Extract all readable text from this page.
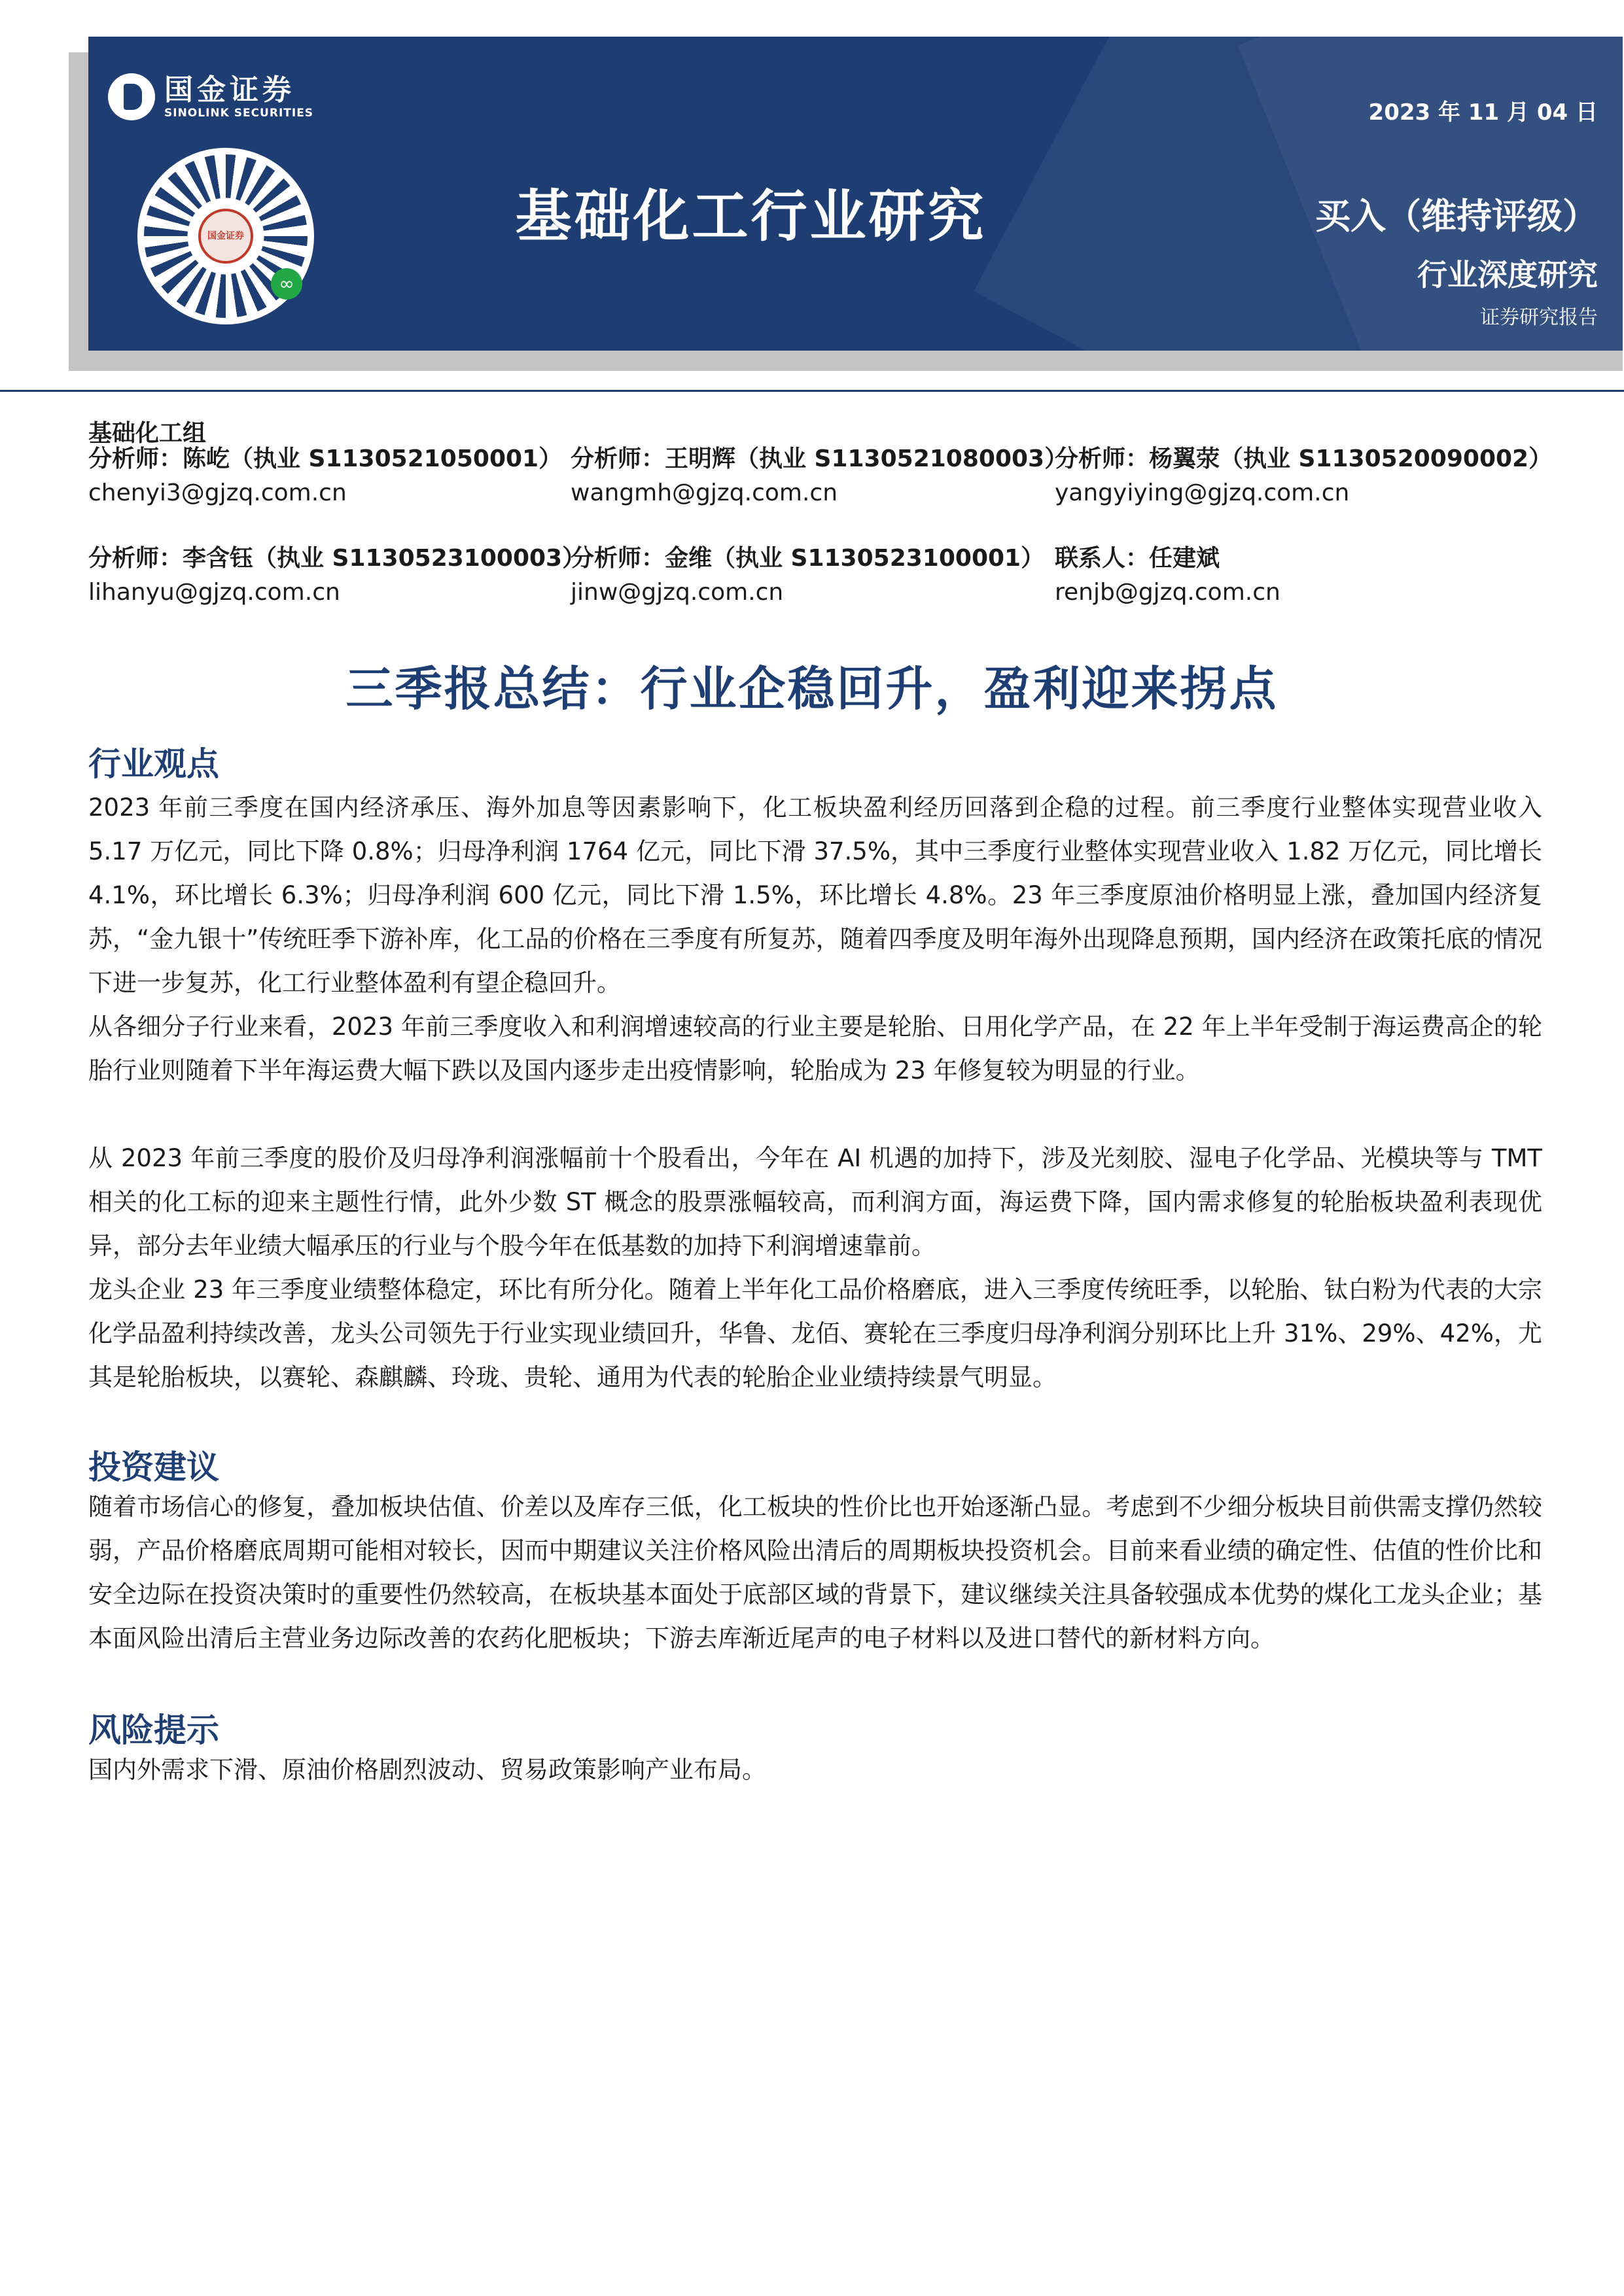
国金证券
SINOLINK SECURITIES
国金证券
∞
基础化工行业研究
2023 年 11 月 04 日
买入（维持评级）
行业深度研究
证券研究报告
基础化工组
分析师：陈屹（执业 S1130521050001）
chenyi3@gjzq.com.cn
分析师：王明辉（执业 S1130521080003）
wangmh@gjzq.com.cn
分析师：杨翼荥（执业 S1130520090002）
yangyiying@gjzq.com.cn
分析师：李含钰（执业 S1130523100003）
lihanyu@gjzq.com.cn
分析师：金维（执业 S1130523100001）
jinw@gjzq.com.cn
联系人：任建斌
renjb@gjzq.com.cn
三季报总结：行业企稳回升，盈利迎来拐点
行业观点

2023 年前三季度在国内经济承压、海外加息等因素影响下，化工板块盈利经历回落到企稳的过程。前三季度行业整体实现营业收入 5.17 万亿元，同比下降 0.8%；归母净利润 1764 亿元，同比下滑 37.5%，其中三季度行业整体实现营业收入 1.82 万亿元，同比增长 4.1%，环比增长 6.3%；归母净利润 600 亿元，同比下滑 1.5%，环比增长 4.8%。23 年三季度原油价格明显上涨，叠加国内经济复苏，“金九银十”传统旺季下游补库，化工品的价格在三季度有所复苏，随着四季度及明年海外出现降息预期，国内经济在政策托底的情况下进一步复苏，化工行业整体盈利有望企稳回升。

从各细分子行业来看，2023 年前三季度收入和利润增速较高的行业主要是轮胎、日用化学产品，在 22 年上半年受制于海运费高企的轮胎行业则随着下半年海运费大幅下跌以及国内逐步走出疫情影响，轮胎成为 23 年修复较为明显的行业。

从 2023 年前三季度的股价及归母净利润涨幅前十个股看出，今年在 AI 机遇的加持下，涉及光刻胶、湿电子化学品、光模块等与 TMT 相关的化工标的迎来主题性行情，此外少数 ST 概念的股票涨幅较高，而利润方面，海运费下降，国内需求修复的轮胎板块盈利表现优异，部分去年业绩大幅承压的行业与个股今年在低基数的加持下利润增速靠前。

龙头企业 23 年三季度业绩整体稳定，环比有所分化。随着上半年化工品价格磨底，进入三季度传统旺季，以轮胎、钛白粉为代表的大宗化学品盈利持续改善，龙头公司领先于行业实现业绩回升，华鲁、龙佰、赛轮在三季度归母净利润分别环比上升 31%、29%、42%，尤其是轮胎板块，以赛轮、森麒麟、玲珑、贵轮、通用为代表的轮胎企业业绩持续景气明显。

投资建议

随着市场信心的修复，叠加板块估值、价差以及库存三低，化工板块的性价比也开始逐渐凸显。考虑到不少细分板块目前供需支撑仍然较弱，产品价格磨底周期可能相对较长，因而中期建议关注价格风险出清后的周期板块投资机会。目前来看业绩的确定性、估值的性价比和安全边际在投资决策时的重要性仍然较高，在板块基本面处于底部区域的背景下，建议继续关注具备较强成本优势的煤化工龙头企业；基本面风险出清后主营业务边际改善的农药化肥板块；下游去库渐近尾声的电子材料以及进口替代的新材料方向。

风险提示

国内外需求下滑、原油价格剧烈波动、贸易政策影响产业布局。
